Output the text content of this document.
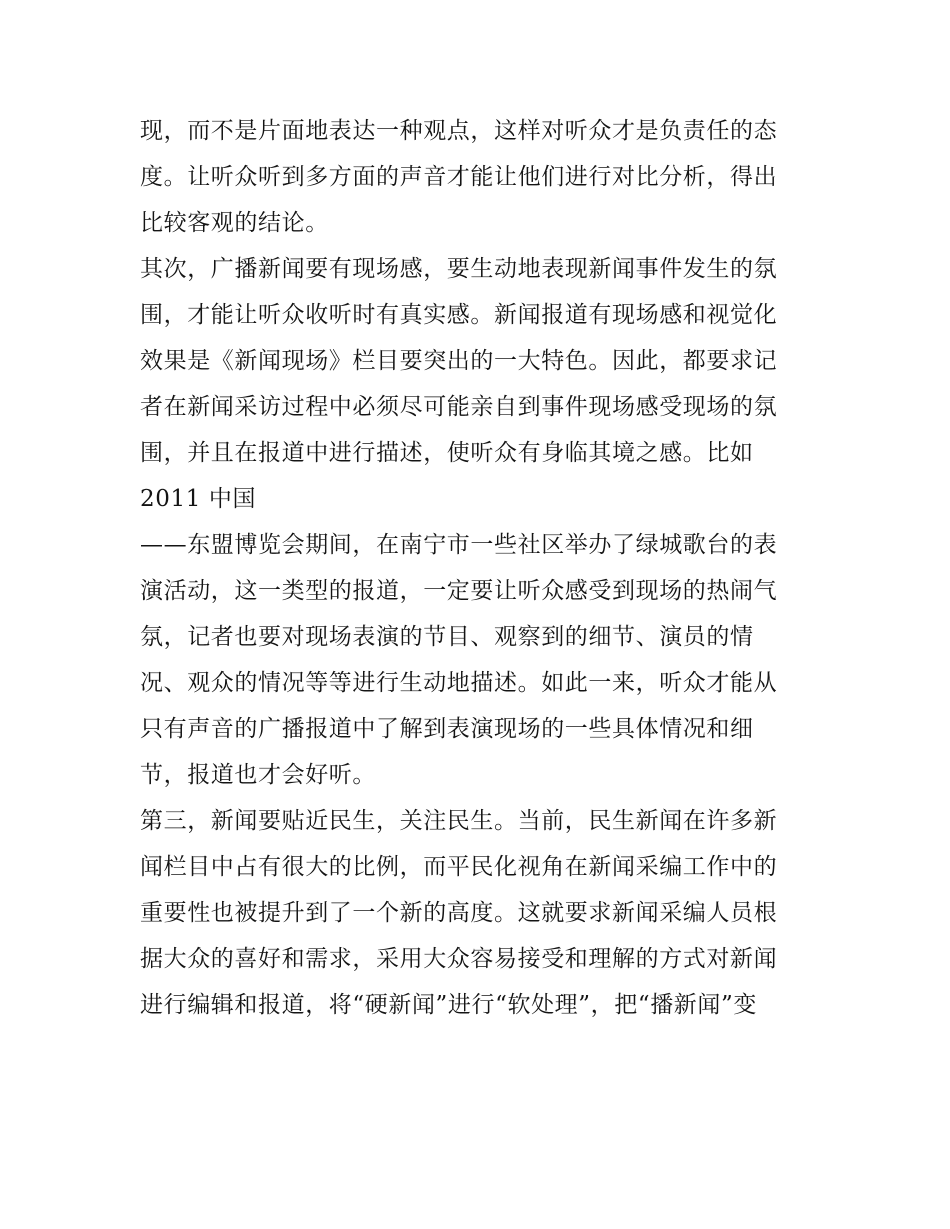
现，而不是片面地表达一种观点，这样对听众才是负责任的态
度。让听众听到多方面的声音才能让他们进行对比分析，得出
比较客观的结论。
其次，广播新闻要有现场感，要生动地表现新闻事件发生的氛
围，才能让听众收听时有真实感。新闻报道有现场感和视觉化
效果是《新闻现场》栏目要突出的一大特色。因此，都要求记
者在新闻采访过程中必须尽可能亲自到事件现场感受现场的氛
围，并且在报道中进行描述，使听众有身临其境之感。比如
2011 中国
——东盟博览会期间，在南宁市一些社区举办了绿城歌台的表
演活动，这一类型的报道，一定要让听众感受到现场的热闹气
氛，记者也要对现场表演的节目、观察到的细节、演员的情
况、观众的情况等等进行生动地描述。如此一来，听众才能从
只有声音的广播报道中了解到表演现场的一些具体情况和细
节，报道也才会好听。
第三，新闻要贴近民生，关注民生。当前，民生新闻在许多新
闻栏目中占有很大的比例，而平民化视角在新闻采编工作中的
重要性也被提升到了一个新的高度。这就要求新闻采编人员根
据大众的喜好和需求，采用大众容易接受和理解的方式对新闻
进行编辑和报道，将“硬新闻”进行“软处理”，把“播新闻”变
